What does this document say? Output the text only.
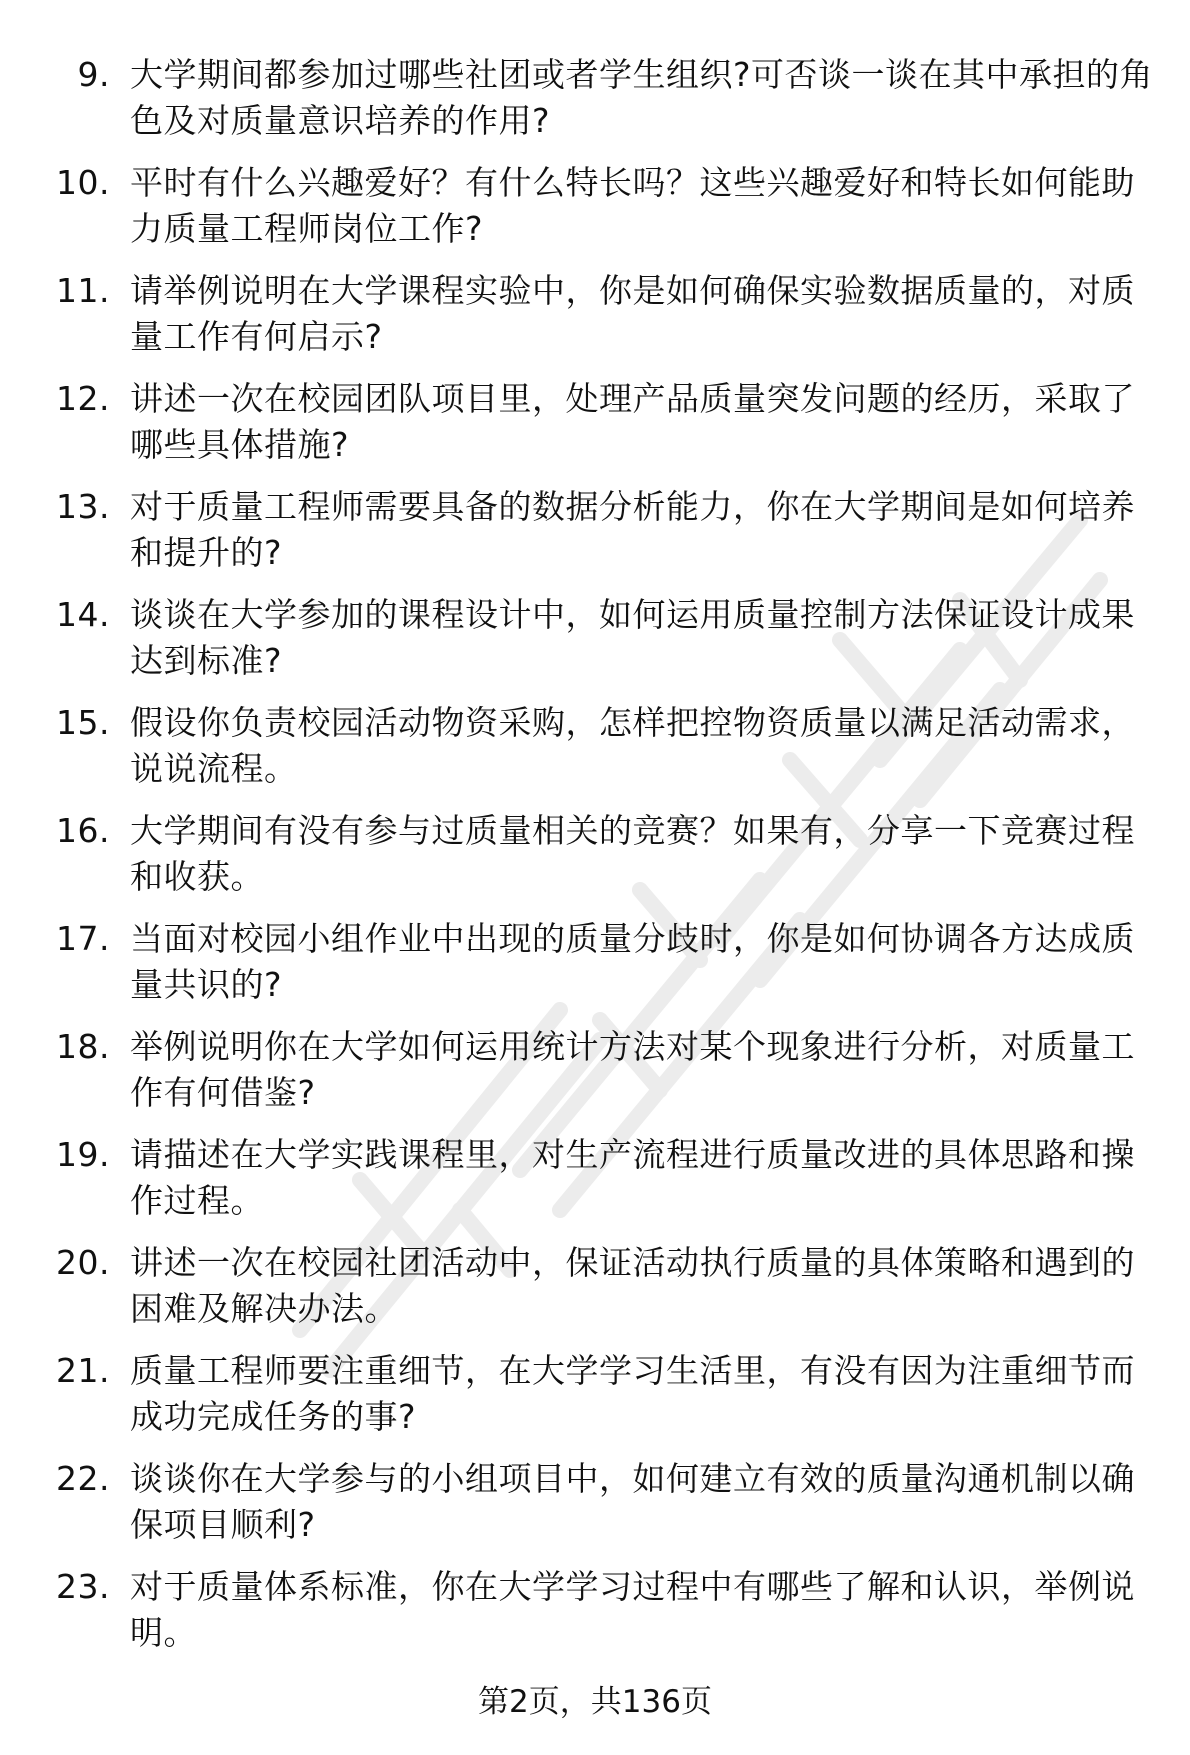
9. 大学期间都参加过哪些社团或者学生组织?可否谈一谈在其中承担的角色及对质量意识培养的作用?
10. 平时有什么兴趣爱好？有什么特长吗？这些兴趣爱好和特长如何能助力质量工程师岗位工作?
11. 请举例说明在大学课程实验中，你是如何确保实验数据质量的，对质量工作有何启示?
12. 讲述一次在校园团队项目里，处理产品质量突发问题的经历，采取了哪些具体措施?
13. 对于质量工程师需要具备的数据分析能力，你在大学期间是如何培养和提升的?
14. 谈谈在大学参加的课程设计中，如何运用质量控制方法保证设计成果达到标准?
15. 假设你负责校园活动物资采购，怎样把控物资质量以满足活动需求，说说流程。
16. 大学期间有没有参与过质量相关的竞赛？如果有，分享一下竞赛过程和收获。
17. 当面对校园小组作业中出现的质量分歧时，你是如何协调各方达成质量共识的?
18. 举例说明你在大学如何运用统计方法对某个现象进行分析，对质量工作有何借鉴?
19. 请描述在大学实践课程里，对生产流程进行质量改进的具体思路和操作过程。
20. 讲述一次在校园社团活动中，保证活动执行质量的具体策略和遇到的困难及解决办法。
21. 质量工程师要注重细节，在大学学习生活里，有没有因为注重细节而成功完成任务的事?
22. 谈谈你在大学参与的小组项目中，如何建立有效的质量沟通机制以确保项目顺利?
23. 对于质量体系标准，你在大学学习过程中有哪些了解和认识，举例说明。
第2页，共136页
